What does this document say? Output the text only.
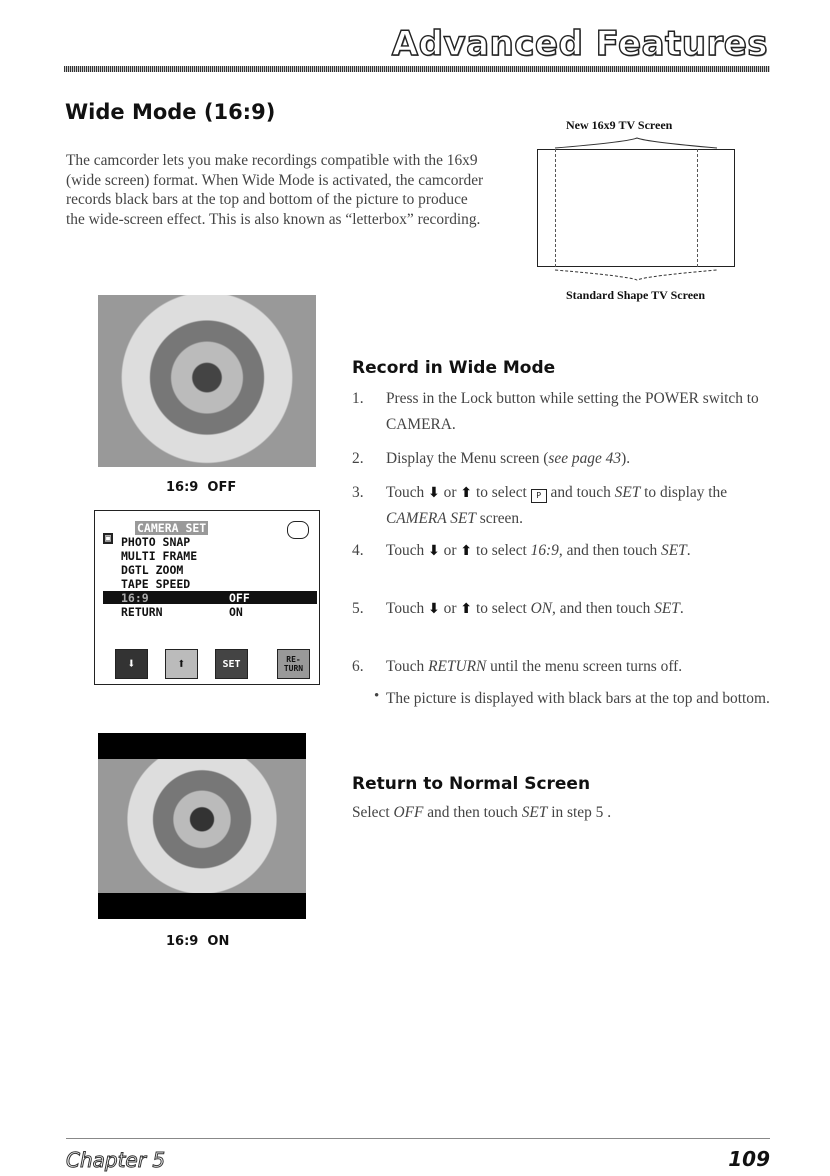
Advanced Features
Wide Mode (16:9)
The camcorder lets you make recordings compatible with the 16x9 (wide screen) format. When Wide Mode is activated, the camcorder records black bars at the top and bottom of the picture to produce the wide-screen effect. This is also known as “letterbox” recording.
New 16x9 TV Screen
Standard Shape TV Screen
16:9  OFF
CAMERA SET
▣ PHOTO SNAP
MULTI FRAME
DGTL ZOOM
TAPE SPEED
16:9	OFF
RETURN	ON
⬇	⬆	SET	RE-
TURN
16:9  ON
Record in Wide Mode
1. Press in the Lock button while setting the POWER switch to CAMERA.
2. Display the Menu screen (see page 43).
3. Touch ⬇ or ⬆ to select P and touch SET to display the CAMERA SET screen.
4. Touch ⬇ or ⬆ to select 16:9, and then touch SET.
5. Touch ⬇ or ⬆ to select ON, and then touch SET.
6. Touch RETURN until the menu screen turns off.
• The picture is displayed with black bars at the top and bottom.
Return to Normal Screen
Select OFF and then touch SET in step 5 .
Chapter 5	109
